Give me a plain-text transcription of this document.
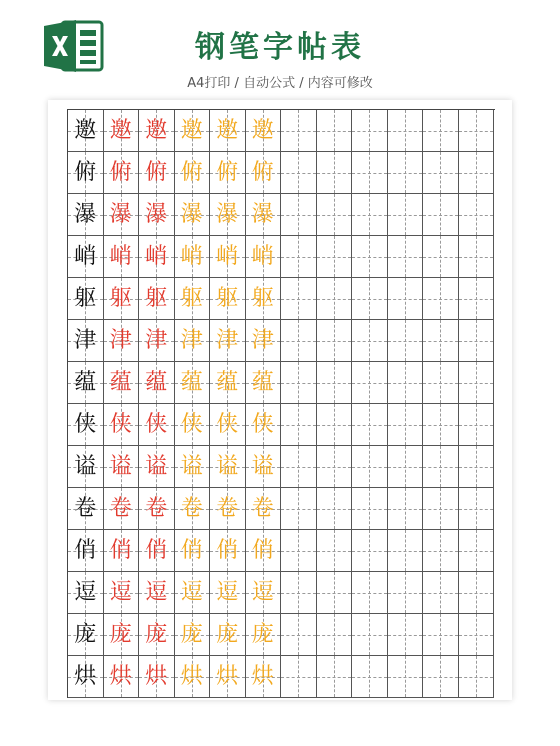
钢笔字帖表
A4打印 / 自动公式 / 内容可修改
邀 邀 邀 邀 邀 邀
俯 俯 俯 俯 俯 俯
瀑 瀑 瀑 瀑 瀑 瀑
峭 峭 峭 峭 峭 峭
躯 躯 躯 躯 躯 躯
津 津 津 津 津 津
蕴 蕴 蕴 蕴 蕴 蕴
侠 侠 侠 侠 侠 侠
谥 谥 谥 谥 谥 谥
卷 卷 卷 卷 卷 卷
俏 俏 俏 俏 俏 俏
逗 逗 逗 逗 逗 逗
庞 庞 庞 庞 庞 庞
烘 烘 烘 烘 烘 烘
